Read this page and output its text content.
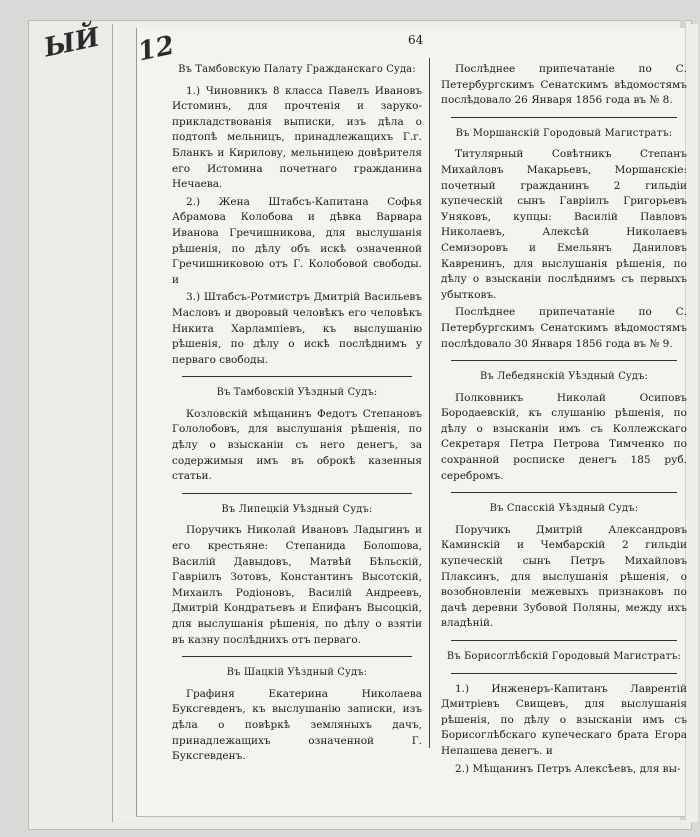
ЫЙ 12	64
Въ Тамбовскую Палату Гражданскаго Суда:

1.) Чиновникъ 8 класса Павелъ Ивановъ Истоминъ, для прочтенія и зарукоприкладствованія выписки, изъ дѣла о подтопѣ мельницъ, принадлежащихъ Г.г. Бланкъ и Кирилову, мельницею довѣрителя его Истомина почетнаго гражданина Нечаева.

2.) Жена Штабсъ-Капитана Софья Абрамова Колобова и дѣвка Варвара Иванова Гречишникова, для выслушанія рѣшенія, по дѣлу объ искѣ означенной Гречишниковою отъ Г. Колобовой свободы. и

3.) Штабсъ-Ротмистръ Дмитрій Васильевъ Масловъ и дворовый человѣкъ его человѣкъ Никита Харлампіевъ, къ выслушанію рѣшенія, по дѣлу о искѣ послѣднимъ у перваго свободы.

Въ Тамбовскій Уѣздный Судъ:

Козловскій мѣщанинъ Федотъ Степановъ Гололобовъ, для выслушанія рѣшенія, по дѣлу о взысканіи съ него денегъ, за содержимыя имъ въ оброкѣ казенныя статьи.

Въ Липецкій Уѣздный Судъ:

Поручикъ Николай Ивановъ Ладыгинъ и его крестьяне: Степанида Болошова, Василій Давыдовъ, Матвѣй Бѣльскій, Гавріилъ Зотовъ, Константинъ Высотскій, Михаилъ Родіоновъ, Василій Андреевъ, Дмитрій Кондратьевъ и Епифанъ Высоцкій, для выслушанія рѣшенія, по дѣлу о взятіи въ казну послѣднихъ отъ перваго.

Въ Шацкій Уѣздный Судъ:

Графиня Екатерина Николаева Буксгевденъ, къ выслушанію записки, изъ дѣла о повѣркѣ земляныхъ дачъ, принадлежащихъ означенной Г. Буксгевденъ.

Послѣднее припечатаніе по С. Петербургскимъ Сенатскимъ вѣдомостямъ послѣдовало 26 Января 1856 года въ № 8.

Въ Моршанскій Городовый Магистратъ:

Титулярный Совѣтникъ Степанъ Михайловъ Макарьевъ, Моршанскіе: почетный гражданинъ 2 гильдіи купеческій сынъ Гавріилъ Григорьевъ Уняковъ, купцы: Василій Павловъ Николаевъ, Алексѣй Николаевъ Семизоровъ и Емельянъ Даниловъ Кавренинъ, для выслушанія рѣшенія, по дѣлу о взысканіи послѣднимъ съ первыхъ убытковъ.

Послѣднее припечатаніе по С. Петербургскимъ Сенатскимъ вѣдомостямъ послѣдовало 30 Января 1856 года въ № 9.

Въ Лебедянскій Уѣздный Судъ:

Полковникъ Николай Осиповъ Бородаевскій, къ слушанію рѣшенія, по дѣлу о взысканіи имъ съ Коллежскаго Секретаря Петра Петрова Тимченко по сохранной росписке денегъ 185 руб. серебромъ.

Въ Спасскій Уѣздный Судъ:

Поручикъ Дмитрій Александровъ Каминскій и Чембарскій 2 гильдіи купеческій сынъ Петръ Михайловъ Плаксинъ, для выслушанія рѣшенія, о возобновленіи межевыхъ признаковъ по дачѣ деревни Зубовой Поляны, между ихъ владѣній.

Въ Борисоглѣбскій Городовый Магистратъ:

1.) Инженеръ-Капитанъ Лаврентій Дмитріевъ Свищевъ, для выслушанія рѣшенія, по дѣлу о взысканіи имъ съ Борисоглѣбскаго купеческаго брата Егора Непашева денегъ. и

2.) Мѣщанинъ Петръ Алексѣевъ, для вы-
